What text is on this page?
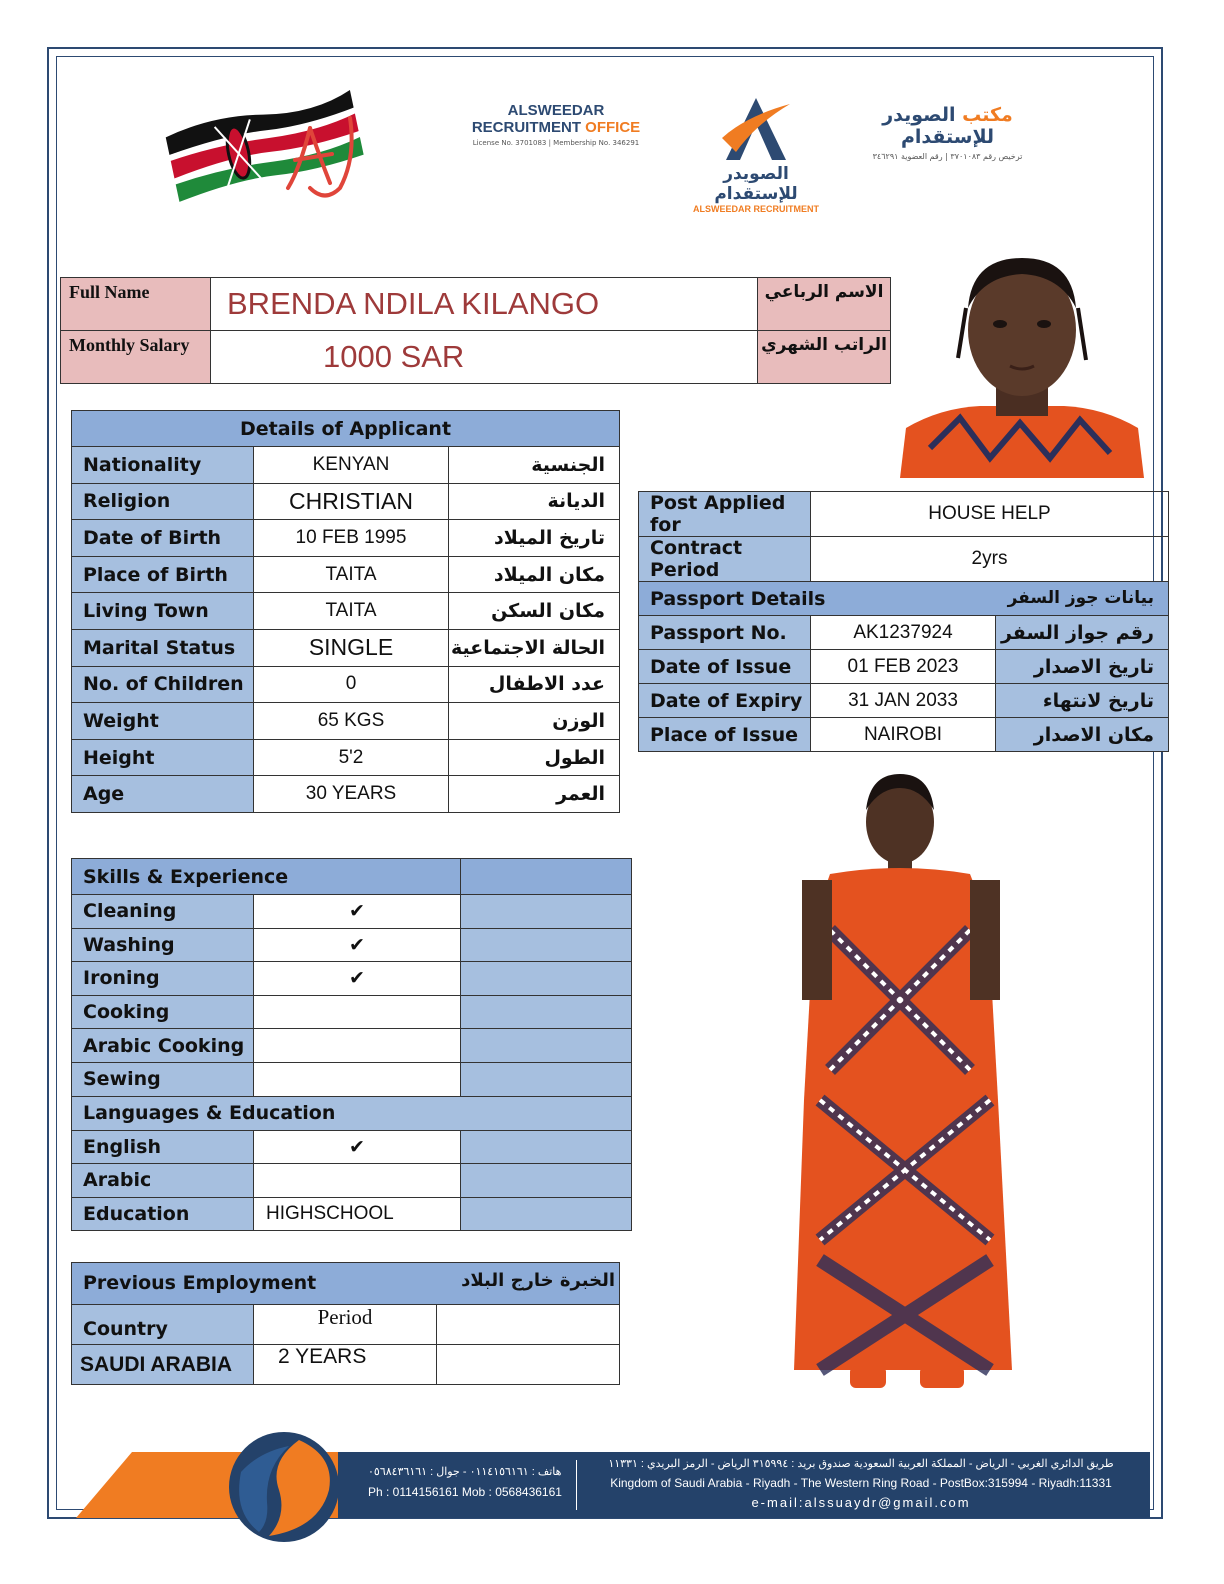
ALSWEEDAR
RECRUITMENT OFFICE
License No. 3701083 | Membership No. 346291
الصويدر للإستقدام
ALSWEEDAR RECRUITMENT
مكتب الصويدر للإستقدام
ترخيص رقم ٣٧٠١٠٨٣ | رقم العضوية ٣٤٦٢٩١
Full Name	BRENDA NDILA KILANGO	الاسم الرباعي
Monthly Salary	1000 SAR	الراتب الشهري
Details of Applicant		
Nationality	KENYAN	الجنسية
Religion	CHRISTIAN	الديانة
Date of Birth	10 FEB 1995	تاريخ الميلاد
Place of Birth	TAITA	مكان الميلاد
Living Town	TAITA	مكان السكن
Marital Status	SINGLE	الحالة الاجتماعية
No. of Children	0	عدد الاطفال
Weight	65 KGS	الوزن
Height	5'2	الطول
Age	30 YEARS	العمر
Post Applied for	HOUSE HELP	
Contract Period	2yrs	

Passport Details بيانات جوز السفر		

Passport No.	AK1237924	رقم جواز السفر
Date of Issue	01 FEB 2023	تاريخ الاصدار
Date of Expiry	31 JAN 2033	تاريخ لانتهاء
Place of Issue	NAIROBI	مكان الاصدار
Skills & Experience		
Cleaning	✔	
Washing	✔	
Ironing	✔	
Cooking		
Arabic Cooking		
Sewing		
Languages & Education		
English	✔	
Arabic		
Education	HIGHSCHOOL	
Previous Employment الخبرة خارج البلاد		

Country	Period	
SAUDI ARABIA	2 YEARS	
هاتف : ٠١١٤١٥٦١٦١ - جوال : ٠٥٦٨٤٣٦١٦١
Ph : 0114156161 Mob : 0568436161
طريق الدائري الغربي - الرياض - المملكة العربية السعودية صندوق بريد : ٣١٥٩٩٤ الرياض - الرمز البريدي : ١١٣٣١
Kingdom of Saudi Arabia - Riyadh - The Western Ring Road - PostBox:315994 - Riyadh:11331
e-mail:alssuaydr@gmail.com
